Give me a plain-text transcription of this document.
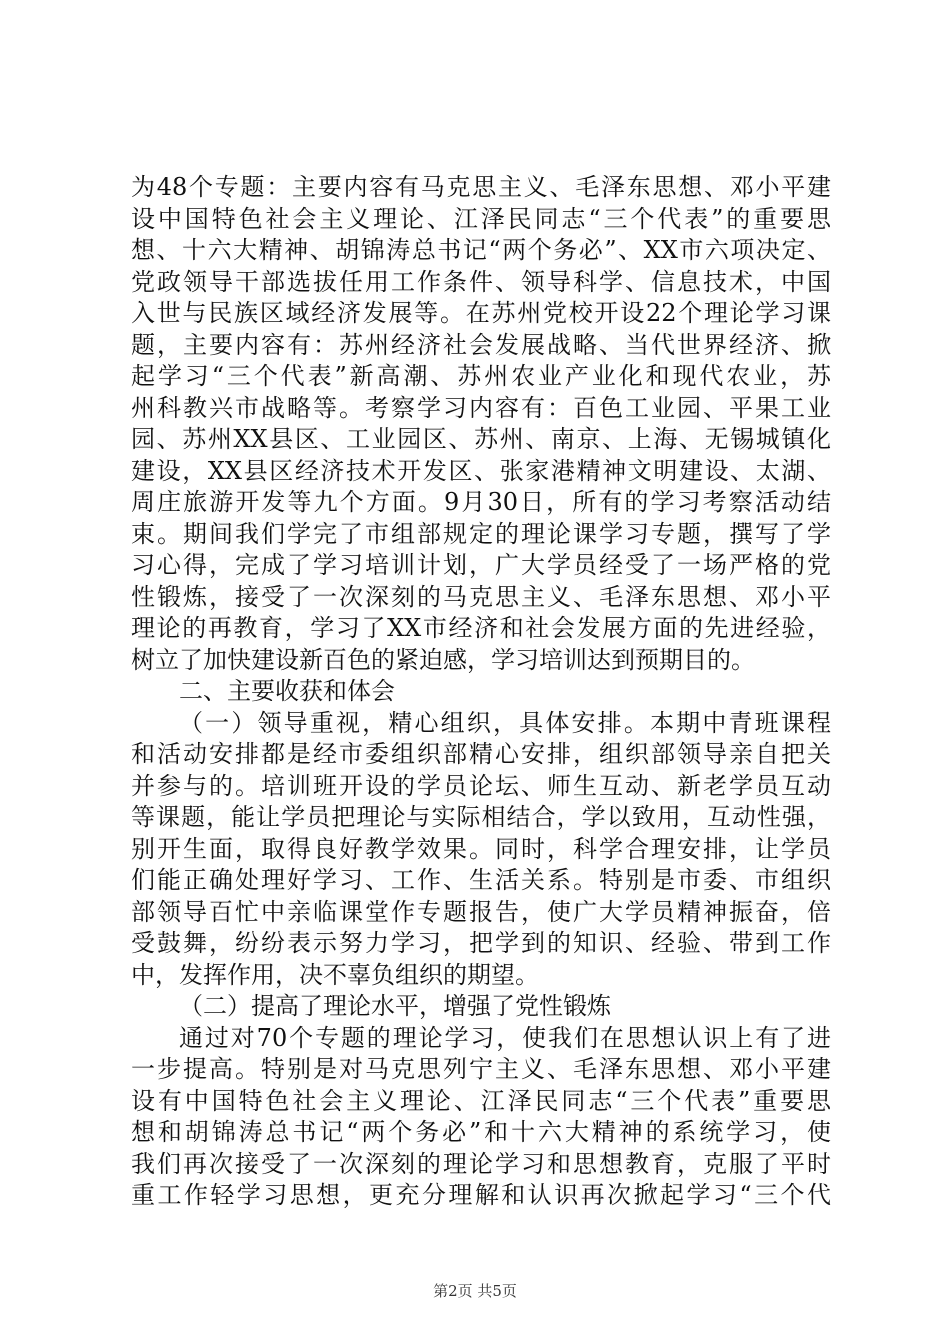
为48个专题：主要内容有马克思主义、毛泽东思想、邓小平建
设中国特色社会主义理论、江泽民同志“三个代表”的重要思
想、十六大精神、胡锦涛总书记“两个务必”、XX市六项决定、
党政领导干部选拔任用工作条件、领导科学、信息技术，中国
入世与民族区域经济发展等。在苏州党校开设22个理论学习课
题，主要内容有：苏州经济社会发展战略、当代世界经济、掀
起学习“三个代表”新高潮、苏州农业产业化和现代农业，苏
州科教兴市战略等。考察学习内容有：百色工业园、平果工业
园、苏州XX县区、工业园区、苏州、南京、上海、无锡城镇化
建设，XX县区经济技术开发区、张家港精神文明建设、太湖、
周庄旅游开发等九个方面。9月30日，所有的学习考察活动结
束。期间我们学完了市组部规定的理论课学习专题，撰写了学
习心得，完成了学习培训计划，广大学员经受了一场严格的党
性锻炼，接受了一次深刻的马克思主义、毛泽东思想、邓小平
理论的再教育，学习了XX市经济和社会发展方面的先进经验，
树立了加快建设新百色的紧迫感，学习培训达到预期目的。
二、主要收获和体会
（一）领导重视，精心组织，具体安排。本期中青班课程
和活动安排都是经市委组织部精心安排，组织部领导亲自把关
并参与的。培训班开设的学员论坛、师生互动、新老学员互动
等课题，能让学员把理论与实际相结合，学以致用，互动性强，
别开生面，取得良好教学效果。同时，科学合理安排，让学员
们能正确处理好学习、工作、生活关系。特别是市委、市组织
部领导百忙中亲临课堂作专题报告，使广大学员精神振奋，倍
受鼓舞，纷纷表示努力学习，把学到的知识、经验、带到工作
中，发挥作用，决不辜负组织的期望。
（二）提高了理论水平，增强了党性锻炼
通过对70个专题的理论学习，使我们在思想认识上有了进
一步提高。特别是对马克思列宁主义、毛泽东思想、邓小平建
设有中国特色社会主义理论、江泽民同志“三个代表”重要思
想和胡锦涛总书记“两个务必”和十六大精神的系统学习，使
我们再次接受了一次深刻的理论学习和思想教育，克服了平时
重工作轻学习思想，更充分理解和认识再次掀起学习“三个代
第2页 共5页
